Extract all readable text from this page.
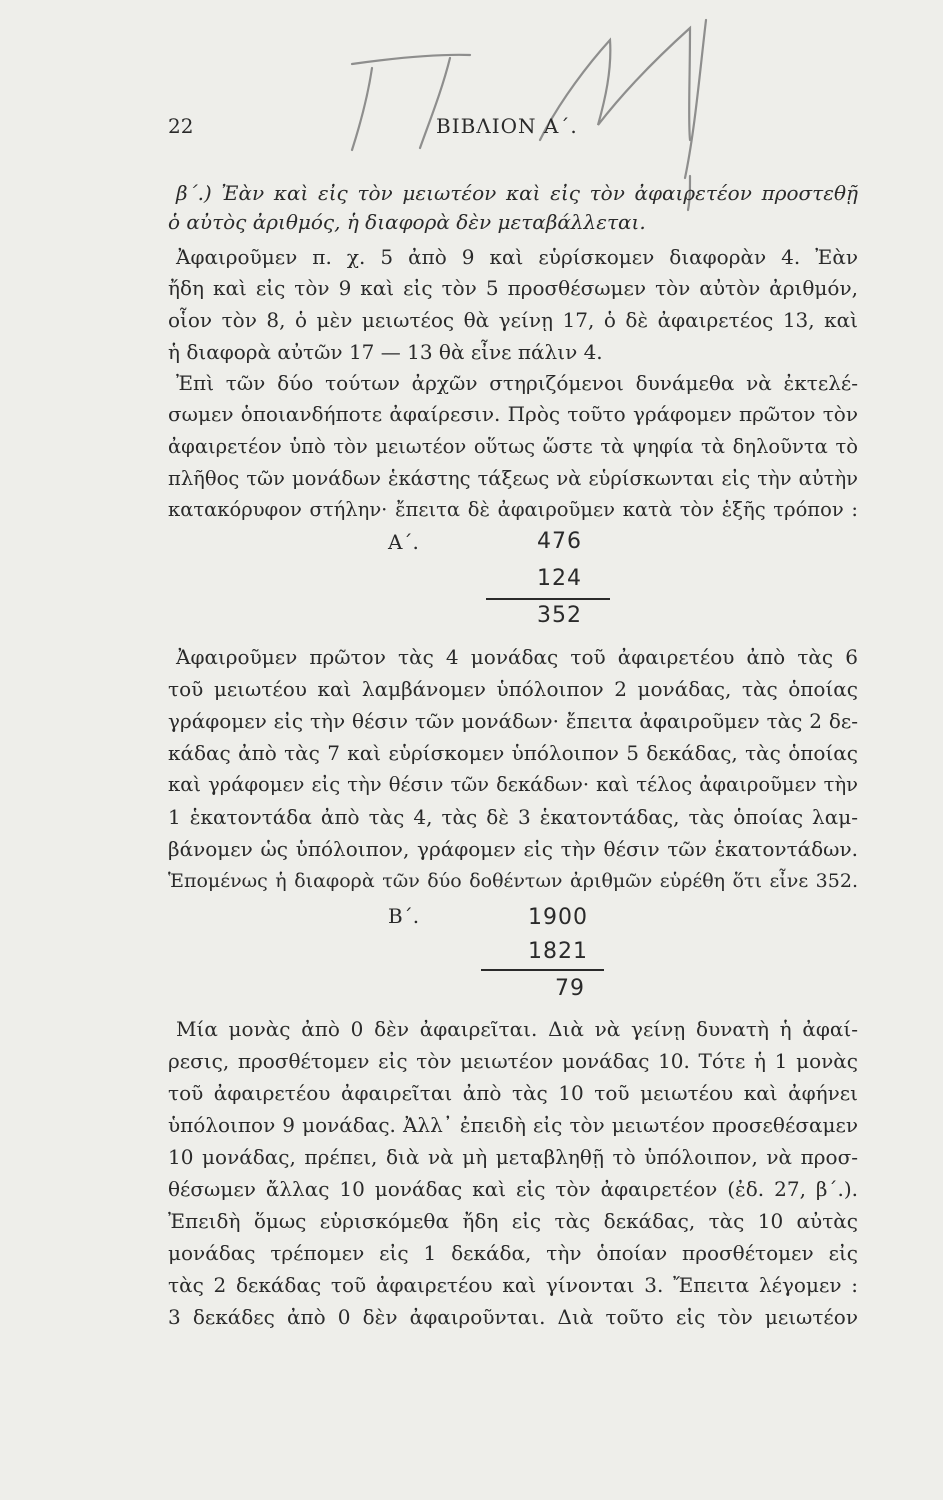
22	ΒΙΒΛΙΟΝ Α΄.
β΄.) Ἐὰν καὶ εἰς τὸν μειωτέον καὶ εἰς τὸν ἀφαιρετέον προστεθῇ
ὁ αὐτὸς ἀριθμός, ἡ διαφορὰ δὲν μεταβάλλεται.
Ἀφαιροῦμεν π. χ. 5 ἀπὸ 9 καὶ εὑρίσκομεν διαφορὰν 4. Ἐὰν
ἤδη καὶ εἰς τὸν 9 καὶ εἰς τὸν 5 προσθέσωμεν τὸν αὐτὸν ἀριθμόν,
οἷον τὸν 8, ὁ μὲν μειωτέος θὰ γείνῃ 17, ὁ δὲ ἀφαιρετέος 13, καὶ
ἡ διαφορὰ αὐτῶν 17 — 13 θὰ εἶνε πάλιν 4.
Ἐπὶ τῶν δύο τούτων ἀρχῶν στηριζόμενοι δυνάμεθα νὰ ἐκτελέ-
σωμεν ὁποιανδήποτε ἀφαίρεσιν. Πρὸς τοῦτο γράφομεν πρῶτον τὸν
ἀφαιρετέον ὑπὸ τὸν μειωτέον οὕτως ὥστε τὰ ψηφία τὰ δηλοῦντα τὸ
πλῆθος τῶν μονάδων ἑκάστης τάξεως νὰ εὑρίσκωνται εἰς τὴν αὐτὴν
κατακόρυφον στήλην· ἔπειτα δὲ ἀφαιροῦμεν κατὰ τὸν ἑξῆς τρόπον :
Α΄.	476
124
352
Ἀφαιροῦμεν πρῶτον τὰς 4 μονάδας τοῦ ἀφαιρετέου ἀπὸ τὰς 6
τοῦ μειωτέου καὶ λαμβάνομεν ὑπόλοιπον 2 μονάδας, τὰς ὁποίας
γράφομεν εἰς τὴν θέσιν τῶν μονάδων· ἔπειτα ἀφαιροῦμεν τὰς 2 δε-
κάδας ἀπὸ τὰς 7 καὶ εὑρίσκομεν ὑπόλοιπον 5 δεκάδας, τὰς ὁποίας
καὶ γράφομεν εἰς τὴν θέσιν τῶν δεκάδων· καὶ τέλος ἀφαιροῦμεν τὴν
1 ἑκατοντάδα ἀπὸ τὰς 4, τὰς δὲ 3 ἑκατοντάδας, τὰς ὁποίας λαμ-
βάνομεν ὡς ὑπόλοιπον, γράφομεν εἰς τὴν θέσιν τῶν ἑκατοντάδων.
Ἑπομένως ἡ διαφορὰ τῶν δύο δοθέντων ἀριθμῶν εὑρέθη ὅτι εἶνε 352.
Β΄.	1900
1821
79
Μία μονὰς ἀπὸ 0 δὲν ἀφαιρεῖται. Διὰ νὰ γείνῃ δυνατὴ ἡ ἀφαί-
ρεσις, προσθέτομεν εἰς τὸν μειωτέον μονάδας 10. Τότε ἡ 1 μονὰς
τοῦ ἀφαιρετέου ἀφαιρεῖται ἀπὸ τὰς 10 τοῦ μειωτέου καὶ ἀφήνει
ὑπόλοιπον 9 μονάδας. Ἀλλ᾽ ἐπειδὴ εἰς τὸν μειωτέον προσεθέσαμεν
10 μονάδας, πρέπει, διὰ νὰ μὴ μεταβληθῇ τὸ ὑπόλοιπον, νὰ προσ-
θέσωμεν ἄλλας 10 μονάδας καὶ εἰς τὸν ἀφαιρετέον (ἐδ. 27, β΄.).
Ἐπειδὴ ὅμως εὑρισκόμεθα ἤδη εἰς τὰς δεκάδας, τὰς 10 αὐτὰς
μονάδας τρέπομεν εἰς 1 δεκάδα, τὴν ὁποίαν προσθέτομεν εἰς
τὰς 2 δεκάδας τοῦ ἀφαιρετέου καὶ γίνονται 3. Ἔπειτα λέγομεν :
3 δεκάδες ἀπὸ 0 δὲν ἀφαιροῦνται. Διὰ τοῦτο εἰς τὸν μειωτέον
